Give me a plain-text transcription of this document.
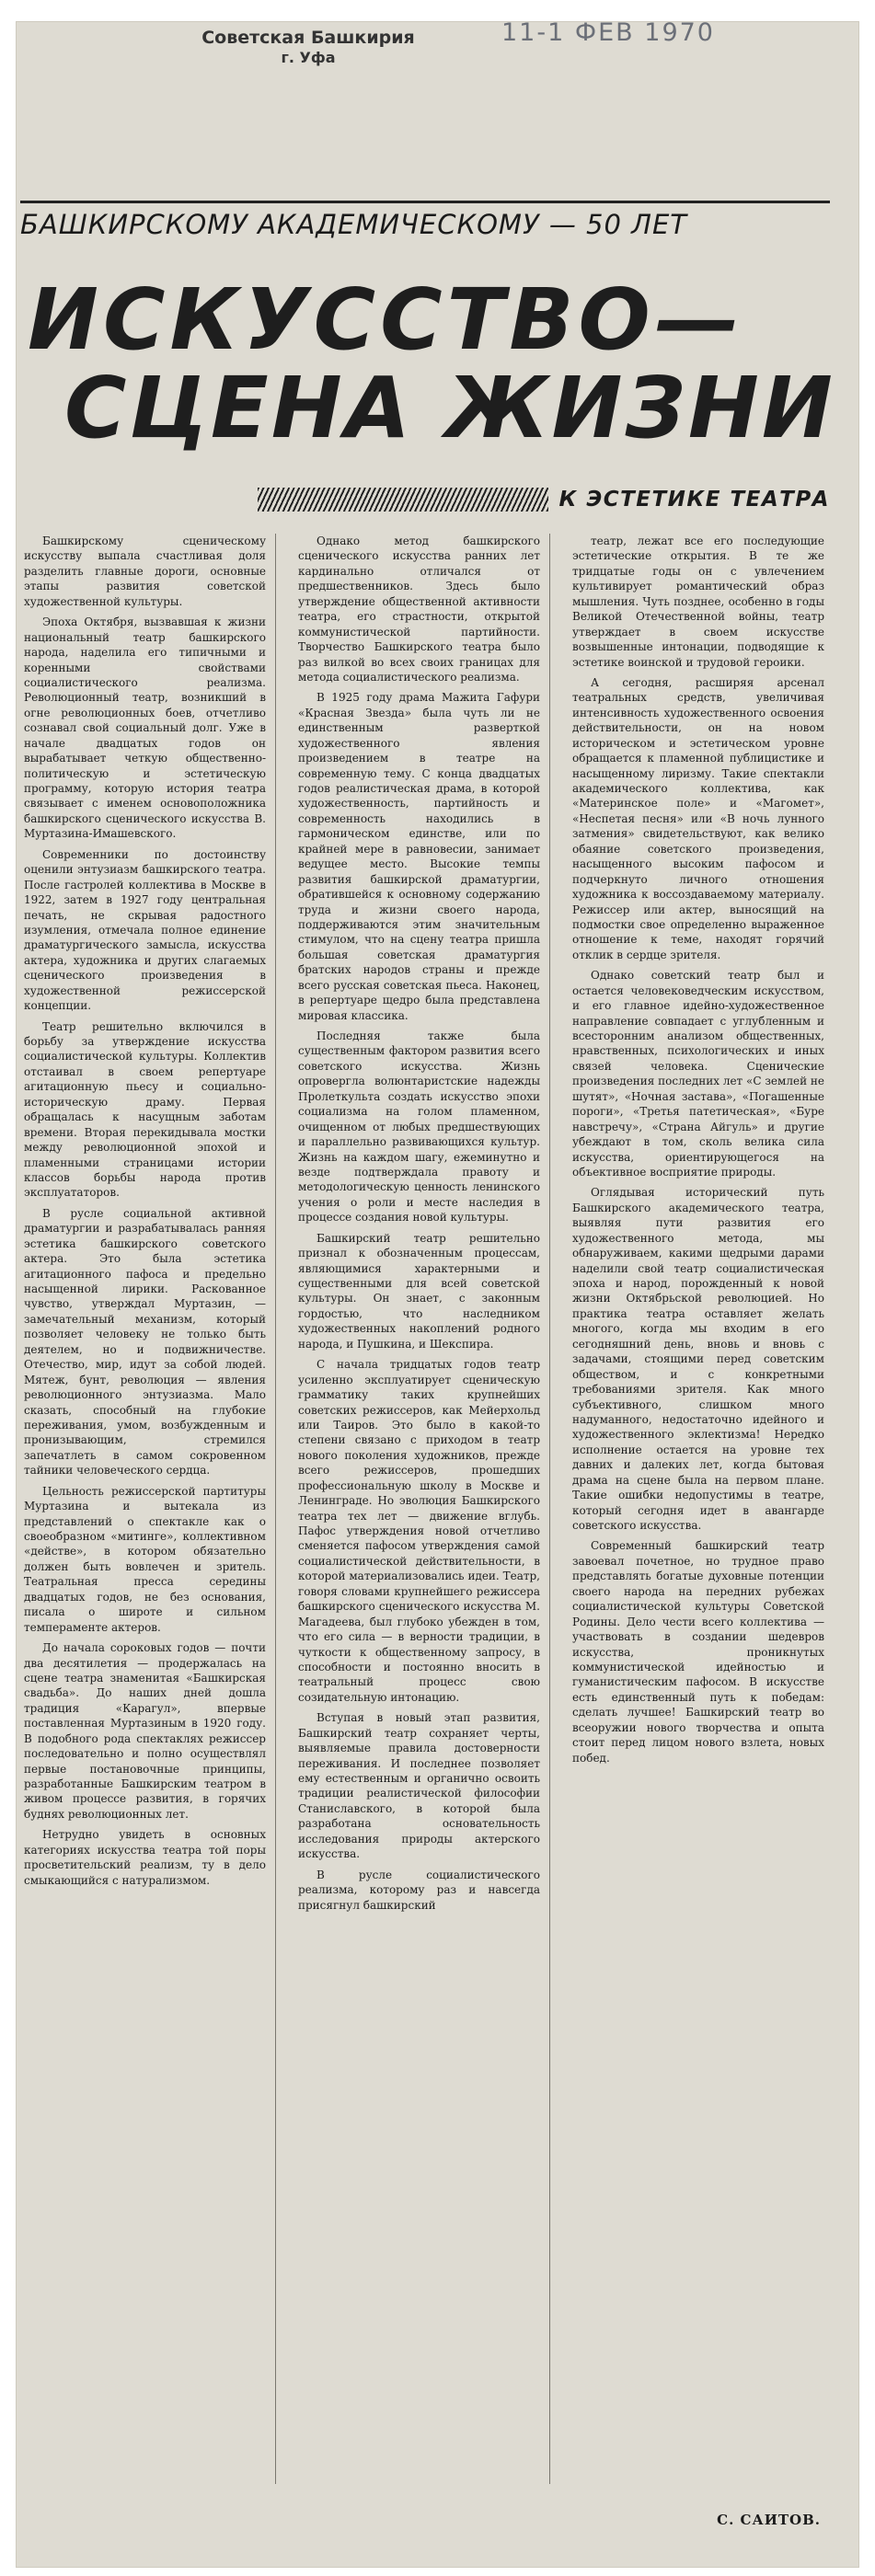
Советская Башкирия
г. Уфа
11-1 ФЕВ 1970
БАШКИРСКОМУ АКАДЕМИЧЕСКОМУ — 50 ЛЕТ
ИСКУССТВО—
СЦЕНА ЖИЗНИ
К ЭСТЕТИКЕ ТЕАТРА

Башкирскому сценическому искусству выпала счастливая доля разделить главные дороги, основные этапы развития советской художественной культуры.

Эпоха Октября, вызвавшая к жизни национальный театр башкирского народа, наделила его типичными и коренными свойствами социалистического реализма. Революционный театр, возникший в огне революционных боев, отчетливо сознавал свой социальный долг. Уже в начале двадцатых годов он вырабатывает четкую общественно-политическую и эстетическую программу, которую история театра связывает с именем основоположника башкирского сценического искусства В. Муртазина-Имашевского.

Современники по достоинству оценили энтузиазм башкирского театра. После гастролей коллектива в Москве в 1922, затем в 1927 году центральная печать, не скрывая радостного изумления, отмечала полное единение драматургического замысла, искусства актера, художника и других слагаемых сценического произведения в художественной режиссерской концепции.

Театр решительно включился в борьбу за утверждение искусства социалистической культуры. Коллектив отстаивал в своем репертуаре агитационную пьесу и социально-историческую драму. Первая обращалась к насущным заботам времени. Вторая перекидывала мостки между революционной эпохой и пламенными страницами истории классов борьбы народа против эксплуататоров.

В русле социальной активной драматургии и разрабатывалась ранняя эстетика башкирского советского актера. Это была эстетика агитационного пафоса и предельно насыщенной лирики. Раскованное чувство, утверждал Муртазин, — замечательный механизм, который позволяет человеку не только быть деятелем, но и подвижничестве. Отечество, мир, идут за собой людей. Мятеж, бунт, революция — явления революционного энтузиазма. Мало сказать, способный на глубокие переживания, умом, возбужденным и пронизывающим, стремился запечатлеть в самом сокровенном тайники человеческого сердца.

Цельность режиссерской партитуры Муртазина и вытекала из представлений о спектакле как о своеобразном «митинге», коллективном «действе», в котором обязательно должен быть вовлечен и зритель. Театральная пресса середины двадцатых годов, не без основания, писала о широте и сильном темпераменте актеров.

До начала сороковых годов — почти два десятилетия — продержалась на сцене театра знаменитая «Башкирская свадьба». До наших дней дошла традиция «Карагул», впервые поставленная Муртазиным в 1920 году. В подобного рода спектаклях режиссер последовательно и полно осуществлял первые постановочные принципы, разработанные Башкирским театром в живом процессе развития, в горячих буднях революционных лет.

Нетрудно увидеть в основных категориях искусства театра той поры просветительский реализм, ту в дело смыкающийся с натурализмом.

Однако метод башкирского сценического искусства ранних лет кардинально отличался от предшественников. Здесь было утверждение общественной активности театра, его страстности, открытой коммунистической партийности. Творчество Башкирского театра было раз вилкой во всех своих границах для метода социалистического реализма.

В 1925 году драма Мажита Гафури «Красная Звезда» была чуть ли не единственным разверткой художественного явления произведением в театре на современную тему. С конца двадцатых годов реалистическая драма, в которой художественность, партийность и современность находились в гармоническом единстве, или по крайней мере в равновесии, занимает ведущее место. Высокие темпы развития башкирской драматургии, обратившейся к основному содержанию труда и жизни своего народа, поддерживаются этим значительным стимулом, что на сцену театра пришла большая советская драматургия братских народов страны и прежде всего русская советская пьеса. Наконец, в репертуаре щедро была представлена мировая классика.

Последняя также была существенным фактором развития всего советского искусства. Жизнь опровергла волюнтаристские надежды Пролеткульта создать искусство эпохи социализма на голом пламенном, очищенном от любых предшествующих и параллельно развивающихся культур. Жизнь на каждом шагу, ежеминутно и везде подтверждала правоту и методологическую ценность ленинского учения о роли и месте наследия в процессе создания новой культуры.

Башкирский театр решительно признал к обозначенным процессам, являющимися характерными и существенными для всей советской культуры. Он знает, с законным гордостью, что наследником художественных накоплений родного народа, и Пушкина, и Шекспира.

С начала тридцатых годов театр усиленно эксплуатирует сценическую грамматику таких крупнейших советских режиссеров, как Мейерхольд или Таиров. Это было в какой-то степени связано с приходом в театр нового поколения художников, прежде всего режиссеров, прошедших профессиональную школу в Москве и Ленинграде. Но эволюция Башкирского театра тех лет — движение вглубь. Пафос утверждения новой отчетливо сменяется пафосом утверждения самой социалистической действительности, в которой материализовались идеи. Театр, говоря словами крупнейшего режиссера башкирского сценического искусства М. Магадеева, был глубоко убежден в том, что его сила — в верности традиции, в чуткости к общественному запросу, в способности и постоянно вносить в театральный процесс свою созидательную интонацию.

Вступая в новый этап развития, Башкирский театр сохраняет черты, выявляемые правила достоверности переживания. И последнее позволяет ему естественным и органично освоить традиции реалистической философии Станиславского, в которой была разработана основательность исследования природы актерского искусства.

В русле социалистического реализма, которому раз и навсегда присягнул башкирский

театр, лежат все его последующие эстетические открытия. В те же тридцатые годы он с увлечением культивирует романтический образ мышления. Чуть позднее, особенно в годы Великой Отечественной войны, театр утверждает в своем искусстве возвышенные интонации, подводящие к эстетике воинской и трудовой героики.

А сегодня, расширяя арсенал театральных средств, увеличивая интенсивность художественного освоения действительности, он на новом историческом и эстетическом уровне обращается к пламенной публицистике и насыщенному лиризму. Такие спектакли академического коллектива, как «Материнское поле» и «Магомет», «Неспетая песня» или «В ночь лунного затмения» свидетельствуют, как велико обаяние советского произведения, насыщенного высоким пафосом и подчеркнуто личного отношения художника к воссоздаваемому материалу. Режиссер или актер, выносящий на подмостки свое определенно выраженное отношение к теме, находят горячий отклик в сердце зрителя.

Однако советский театр был и остается человековедческим искусством, и его главное идейно-художественное направление совпадает с углубленным и всесторонним анализом общественных, нравственных, психологических и иных связей человека. Сценические произведения последних лет «С землей не шутят», «Ночная застава», «Погашенные пороги», «Третья патетическая», «Буре навстречу», «Страна Айгуль» и другие убеждают в том, сколь велика сила искусства, ориентирующегося на объективное восприятие природы.

Оглядывая исторический путь Башкирского академического театра, выявляя пути развития его художественного метода, мы обнаруживаем, какими щедрыми дарами наделили свой театр социалистическая эпоха и народ, порожденный к новой жизни Октябрьской революцией. Но практика театра оставляет желать многого, когда мы входим в его сегодняшний день, вновь и вновь с задачами, стоящими перед советским обществом, и с конкретными требованиями зрителя. Как много субъективного, слишком много надуманного, недостаточно идейного и художественного эклектизма! Нередко исполнение остается на уровне тех давних и далеких лет, когда бытовая драма на сцене была на первом плане. Такие ошибки недопустимы в театре, который сегодня идет в авангарде советского искусства.

Современный башкирский театр завоевал почетное, но трудное право представлять богатые духовные потенции своего народа на передних рубежах социалистической культуры Советской Родины. Дело чести всего коллектива — участвовать в создании шедевров искусства, проникнутых коммунистической идейностью и гуманистическим пафосом. В искусстве есть единственный путь к победам: сделать лучшее! Башкирский театр во всеоружии нового творчества и опыта стоит перед лицом нового взлета, новых побед.

С. САИТОВ.
